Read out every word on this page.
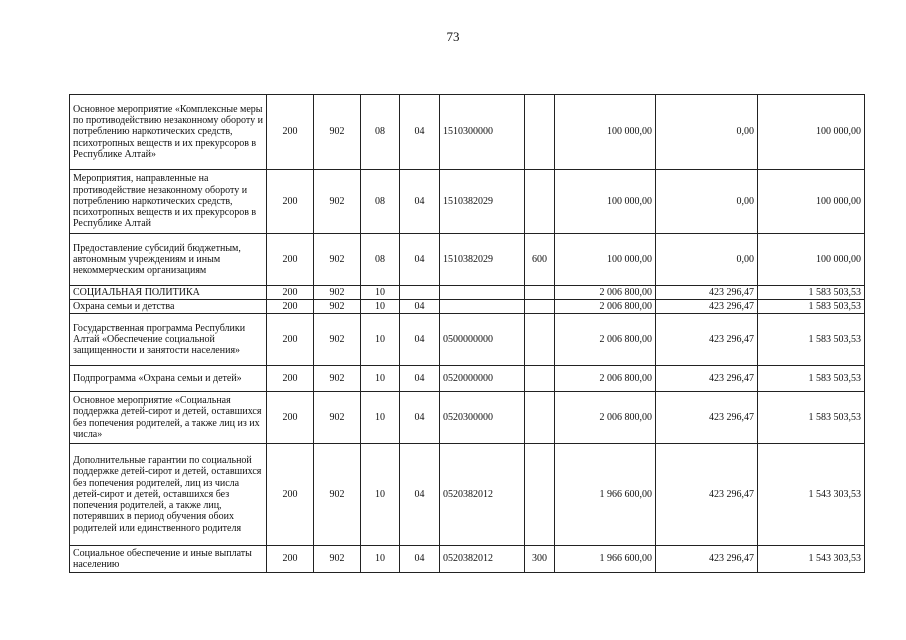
73
Основное мероприятие «Комплексные меры по противодействию незаконному обороту и потреблению наркотических средств, психотропных веществ и их прекурсоров в Республике Алтай»	200	902	08	04	1510300000		100 000,00	0,00	100 000,00
Мероприятия, направленные на противодействие незаконному обороту и потреблению наркотических средств, психотропных веществ и их прекурсоров в Республике Алтай	200	902	08	04	1510382029		100 000,00	0,00	100 000,00
Предоставление субсидий бюджетным, автономным учреждениям и иным некоммерческим организациям	200	902	08	04	1510382029	600	100 000,00	0,00	100 000,00
СОЦИАЛЬНАЯ ПОЛИТИКА	200	902	10				2 006 800,00	423 296,47	1 583 503,53
Охрана семьи и детства	200	902	10	04			2 006 800,00	423 296,47	1 583 503,53
Государственная программа Республики Алтай «Обеспечение социальной защищенности и занятости населения»	200	902	10	04	0500000000		2 006 800,00	423 296,47	1 583 503,53
Подпрограмма «Охрана семьи и детей»	200	902	10	04	0520000000		2 006 800,00	423 296,47	1 583 503,53
Основное мероприятие «Социальная поддержка детей-сирот и детей, оставшихся без попечения родителей, а также лиц из их числа»	200	902	10	04	0520300000		2 006 800,00	423 296,47	1 583 503,53
Дополнительные гарантии по социальной поддержке детей-сирот и детей, оставшихся без попечения родителей, лиц из числа детей-сирот и детей, оставшихся без попечения родителей, а также лиц, потерявших в период обучения обоих родителей или единственного родителя	200	902	10	04	0520382012		1 966 600,00	423 296,47	1 543 303,53
Социальное обеспечение и иные выплаты населению	200	902	10	04	0520382012	300	1 966 600,00	423 296,47	1 543 303,53
